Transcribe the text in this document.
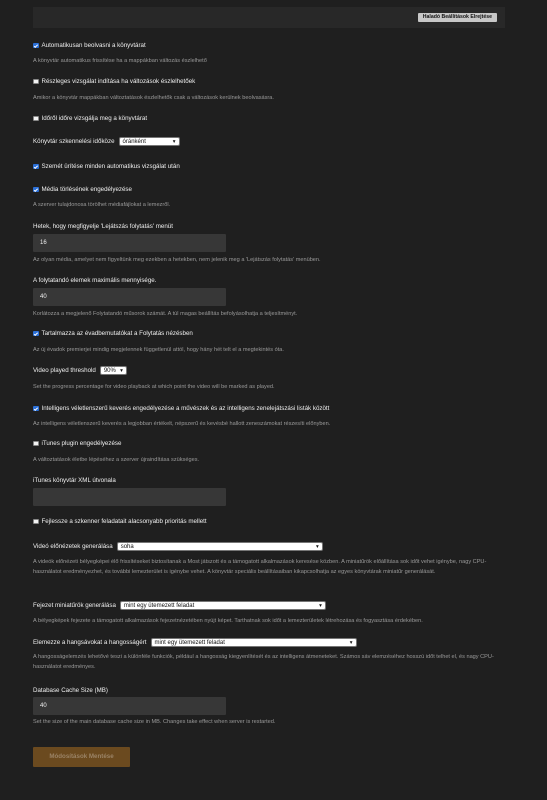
Haladó Beállítások Elrejtése
Automatikusan beolvasni a könyvtárat
A könyvtár automatikus frissítése ha a mappákban változás észlelhető
Részleges vizsgálat indítása ha változások észlelhetőek
Amikor a könyvtár mappákban változtatások észlelhetők csak a változások kerülnek beolvasásra.
Időről időre vizsgálja meg a könyvtárat
Könyvtár szkennelési időköze óránként	▾
Szemét ürítése minden automatikus vizsgálat után
Média törlésének engedélyezése
A szerver tulajdonosa törölhet médiafájlokat a lemezről.
Hetek, hogy megfigyelje 'Lejátszás folytatás' menüt
16
Az olyan média, amelyet nem figyeltünk meg ezekben a hetekben, nem jelenik meg a 'Lejátszás folytatás' menüben.
A folytatandó elemek maximális mennyisége.
40
Korlátozza a megjelenő Folytatandó műsorok számát. A túl magas beállítás befolyásolhatja a teljesítményt.
Tartalmazza az évadbemutatókat a Folytatás nézésben
Az új évadok premierjei mindig megjelennek függetlenül attól, hogy hány hét telt el a megtekintés óta.
Video played threshold 90% ▾
Set the progress percentage for video playback at which point the video will be marked as played.
Intelligens véletlenszerű keverés engedélyezése a művészek és az intelligens zenelejátszási listák között
Az intelligens véletlenszerű keverés a legjobban értékelt, népszerű és kevésbé hallott zeneszámokat részesíti előnyben.
iTunes plugin engedélyezése
A változtatások életbe lépéséhez a szerver újraindítása szükséges.
iTunes könyvtár XML útvonala
Fejlessze a szkenner feladatait alacsonyabb prioritás mellett
Videó előnézetek generálása soha	▾
A videók előnézeti bélyegképei élő frissítéseket biztosítanak a Most játszott és a támogatott alkalmazások keresése közben. A miniatűrök előállítása sok időt vehet igénybe, nagy CPU-használatot eredményezhet, és további lemezterület is igénybe vehet. A könyvtár speciális beállításaiban kikapcsolhatja az egyes könyvtárak miniatűr generálását.
Fejezet miniatűrök generálása mint egy ütemezett feladat	▾
A bélyegképek fejezete a támogatott alkalmazások fejezetnézetében nyújt képet. Tarthatnak sok időt a lemezterületek létrehozása és fogyasztása érdekében.
Elemezze a hangsávokat a hangosságért mint egy ütemezett feladat	▾
A hangosságelemzés lehetővé teszi a különféle funkciók, például a hangosság kiegyenlítését és az intelligens átmeneteket. Számos sáv elemzéséhez hosszú időt telhet el, és nagy CPU-használatot eredményes.
Database Cache Size (MB)
40
Set the size of the main database cache size in MB. Changes take effect when server is restarted.
Módosítások Mentése
